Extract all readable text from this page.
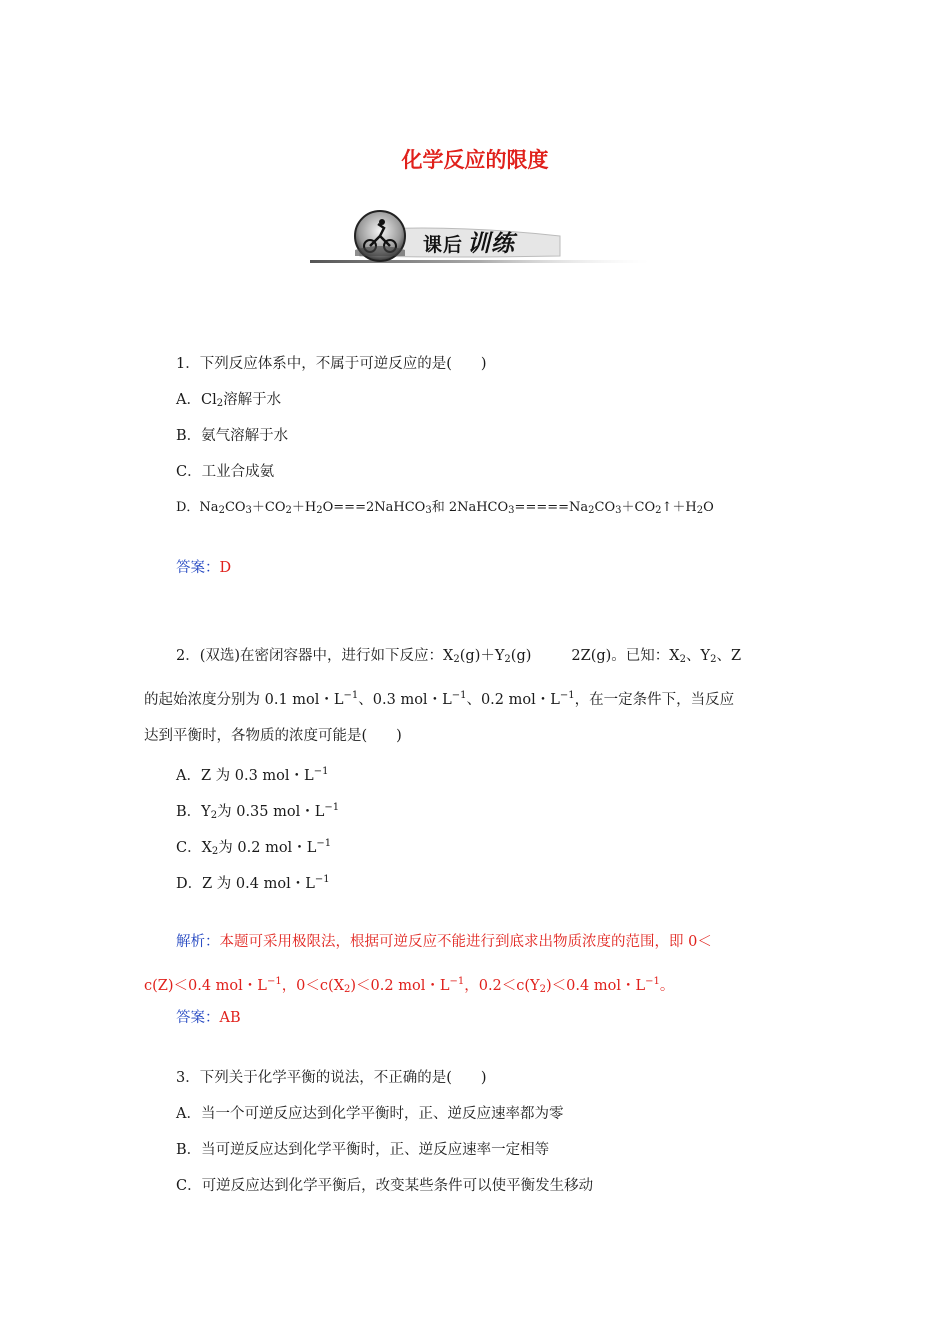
化学反应的限度
课后 训练
1．下列反应体系中，不属于可逆反应的是(　　)
A．$Cl_2$溶解于水
B．氨气溶解于水
C．工业合成氨
D．$Na_2CO_3+CO_2+H_2O===2NaHCO_3$和 $2NaHCO_3=====Na_2CO_3+CO_2↑+H_2O$
答案：D
2．(双选)在密闭容器中，进行如下反应：$X_2(g)+Y_2(g)$	2Z(g)。已知：$X_2$、$Y_2$、Z
的起始浓度分别为 0.1 mol・$L^{-1}$、0.3 mol・$L^{-1}$、0.2 mol・$L^{-1}$，在一定条件下，当反应
达到平衡时，各物质的浓度可能是(　　)
A．Z 为 0.3 mol・$L^{-1}$
B．$Y_2$为 0.35 mol・$L^{-1}$
C．$X_2$为 0.2 mol・$L^{-1}$
D．Z 为 0.4 mol・$L^{-1}$
解析：本题可采用极限法，根据可逆反应不能进行到底求出物质浓度的范围，即 0＜
c(Z)＜0.4 mol・$L^{-1}$，$0<c(X_2)<0.2$ mol・$L^{-1}$，$0.2<c(Y_2)<0.4$ mol・$L^{-1}$。
答案：AB
3．下列关于化学平衡的说法，不正确的是(　　)
A．当一个可逆反应达到化学平衡时，正、逆反应速率都为零
B．当可逆反应达到化学平衡时，正、逆反应速率一定相等
C．可逆反应达到化学平衡后，改变某些条件可以使平衡发生移动
